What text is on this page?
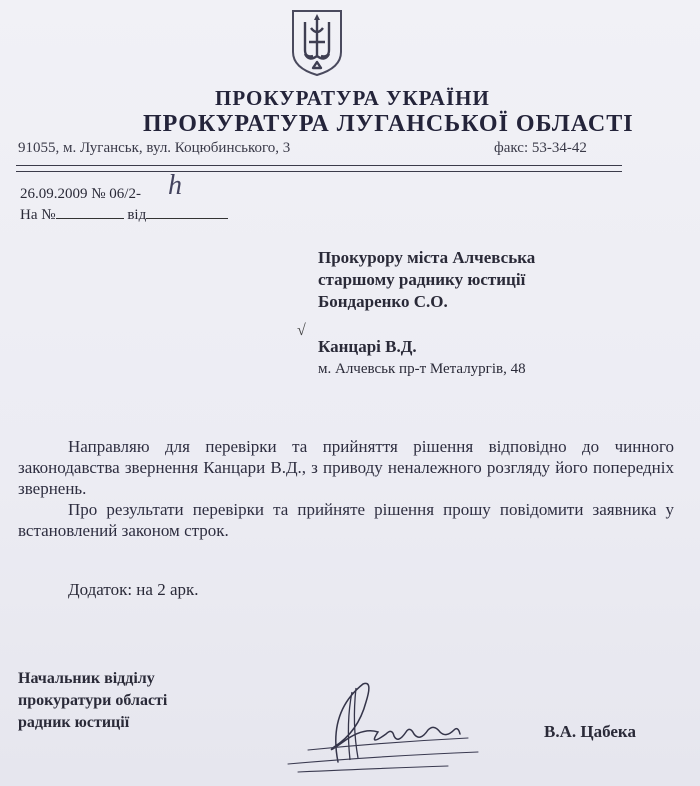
ПРОКУРАТУРА УКРАЇНИ
ПРОКУРАТУРА ЛУГАНСЬКОЇ ОБЛАСТІ
91055, м. Луганськ, вул. Коцюбинського, 3	факс: 53-34-42
26.09.2009 № 06/2- h
На №	від
Прокурору міста Алчевська
старшому раднику юстиції
Бондаренко С.О.
√
Канцарі В.Д.
м. Алчевськ пр-т Металургів, 48

Направляю для перевірки та прийняття рішення відповідно до чинного законодавства звернення Канцари В.Д., з приводу неналежного розгляду його попередніх звернень.

Про результати перевірки та прийняте рішення прошу повідомити заявника у встановлений законом строк.

Додаток: на 2 арк.
Начальник відділу
прокуратури області
радник юстиції	В.А. Цабека
